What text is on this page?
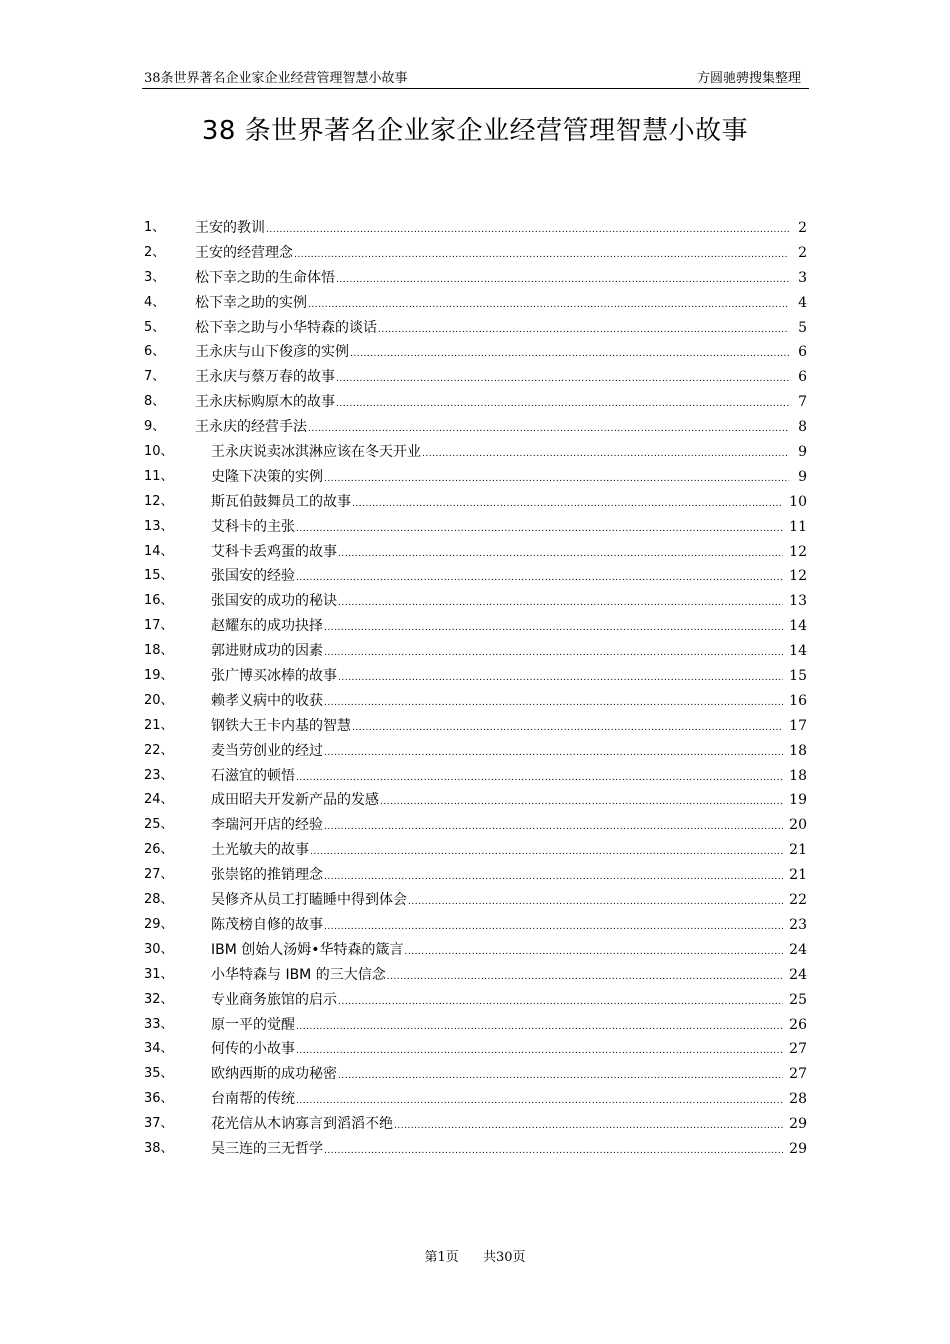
38条世界著名企业家企业经营管理智慧小故事	方圆驰骋搜集整理
38 条世界著名企业家企业经营管理智慧小故事
1、 王安的教训 .....	2
2、 王安的经营理念 .....	2
3、 松下幸之助的生命体悟 .....	3
4、 松下幸之助的实例 .....	4
5、 松下幸之助与小华特森的谈话 .....	5
6、 王永庆与山下俊彦的实例 .....	6
7、 王永庆与蔡万春的故事 .....	6
8、 王永庆标购原木的故事 .....	7
9、 王永庆的经营手法 .....	8
10、	王永庆说卖冰淇淋应该在冬天开业 .....	9
11、	史隆下决策的实例 .....	9
12、	斯瓦伯鼓舞员工的故事 .....	10
13、	艾科卡的主张 .....	11
14、	艾科卡丢鸡蛋的故事 .....	12
15、	张国安的经验 .....	12
16、	张国安的成功的秘诀 .....	13
17、	赵耀东的成功抉择 .....	14
18、	郭进财成功的因素 .....	14
19、	张广博买冰棒的故事 .....	15
20、	赖孝义病中的收获 .....	16
21、	钢铁大王卡内基的智慧 .....	17
22、	麦当劳创业的经过 .....	18
23、	石滋宜的顿悟 .....	18
24、	成田昭夫开发新产品的发感 .....	19
25、	李瑞河开店的经验 .....	20
26、	土光敏夫的故事 .....	21
27、	张崇铭的推销理念 .....	21
28、	吴修齐从员工打瞌睡中得到体会 .....	22
29、	陈茂榜自修的故事 .....	23
30、	IBM 创始人汤姆•华特森的箴言 .....	24
31、	小华特森与 IBM 的三大信念 .....	24
32、	专业商务旅馆的启示 .....	25
33、	原一平的觉醒 .....	26
34、	何传的小故事 .....	27
35、	欧纳西斯的成功秘密 .....	27
36、	台南帮的传统 .....	28
37、	花光信从木讷寡言到滔滔不绝 .....	29
38、	吴三连的三无哲学 .....	29
第1页 共30页
